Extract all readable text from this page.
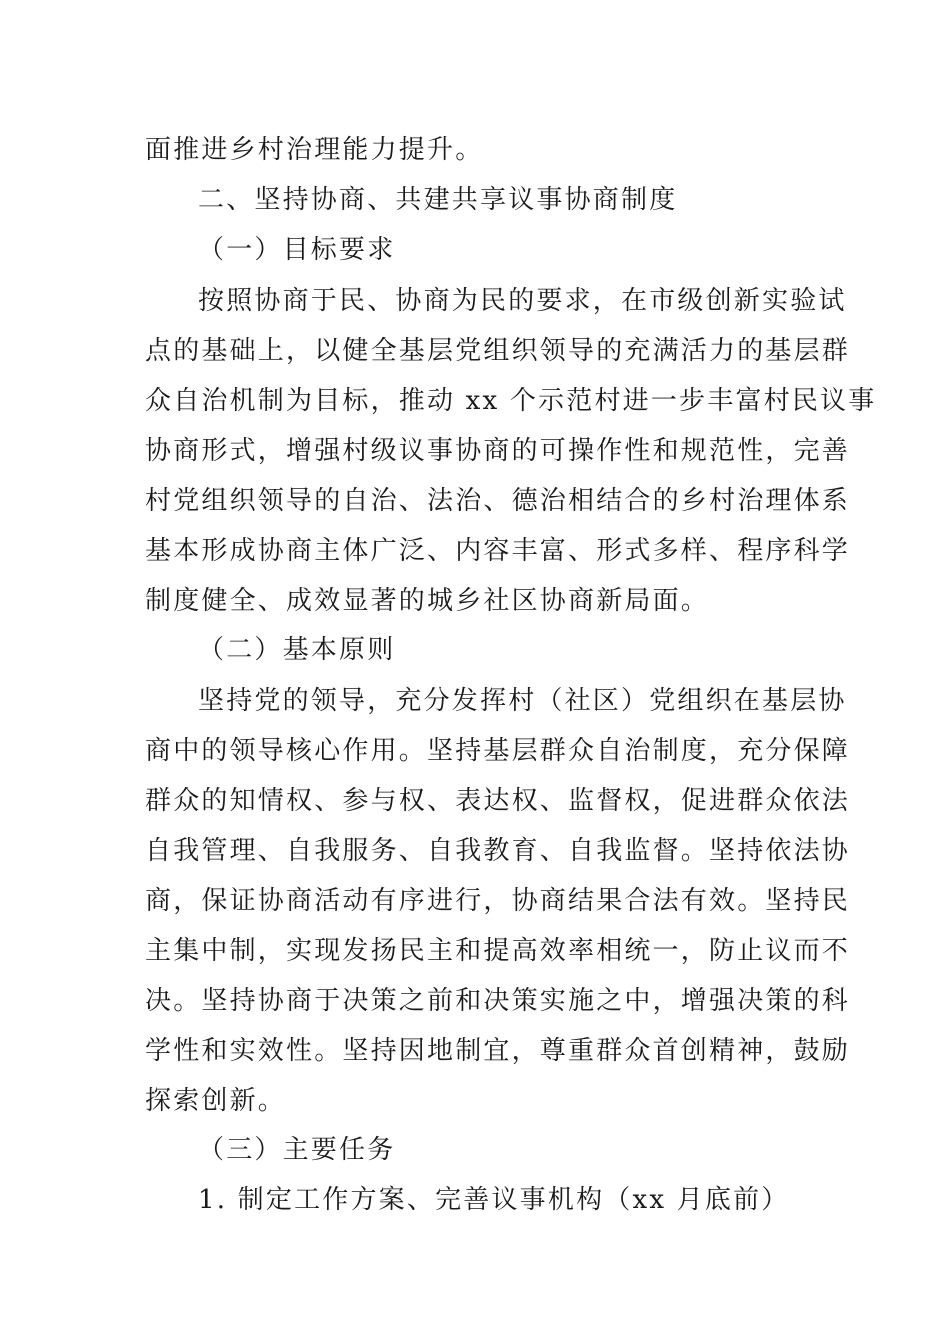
面推进乡村治理能力提升。
二、坚持协商、共建共享议事协商制度
（一）目标要求
按照协商于民、协商为民的要求，在市级创新实验试
点的基础上，以健全基层党组织领导的充满活力的基层群
众自治机制为目标，推动 xx 个示范村进一步丰富村民议事
协商形式，增强村级议事协商的可操作性和规范性，完善
村党组织领导的自治、法治、德治相结合的乡村治理体系
基本形成协商主体广泛、内容丰富、形式多样、程序科学
制度健全、成效显著的城乡社区协商新局面。
（二）基本原则
坚持党的领导，充分发挥村（社区）党组织在基层协
商中的领导核心作用。坚持基层群众自治制度，充分保障
群众的知情权、参与权、表达权、监督权，促进群众依法
自我管理、自我服务、自我教育、自我监督。坚持依法协
商，保证协商活动有序进行，协商结果合法有效。坚持民
主集中制，实现发扬民主和提高效率相统一，防止议而不
决。坚持协商于决策之前和决策实施之中，增强决策的科
学性和实效性。坚持因地制宜，尊重群众首创精神，鼓励
探索创新。
（三）主要任务
1. 制定工作方案、完善议事机构（xx 月底前）
